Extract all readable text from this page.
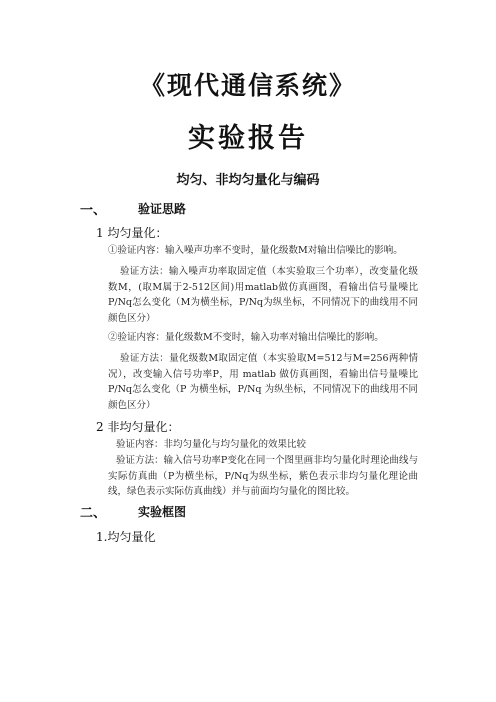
《现代通信系统》
实验报告
均匀、非均匀量化与编码
一、	验证思路
1 均匀量化：
①验证内容：输入噪声功率不变时，量化级数M对输出信噪比的影响。
验证方法：输入噪声功率取固定值（本实验取三个功率），改变量化级数M，(取M属于2-512区间)用matlab做仿真画图，看输出信号量噪比P/Nq怎么变化（M为横坐标，P/Nq为纵坐标，不同情况下的曲线用不同颜色区分）
②验证内容：量化级数M不变时，输入功率对输出信噪比的影响。
验证方法：量化级数M取固定值（本实验取M=512与M=256两种情况），改变输入信号功率P，用 matlab 做仿真画图，看输出信号量噪比 P/Nq怎么变化（P 为横坐标，P/Nq 为纵坐标，不同情况下的曲线用不同颜色区分）
2 非均匀量化：
验证内容：非均匀量化与均匀量化的效果比较
验证方法：输入信号功率P变化在同一个图里画非均匀量化时理论曲线与实际仿真曲（P为横坐标，P/Nq为纵坐标，紫色表示非均匀量化理论曲线，绿色表示实际仿真曲线）并与前面均匀量化的图比较。
二、	实验框图
1.均匀量化
